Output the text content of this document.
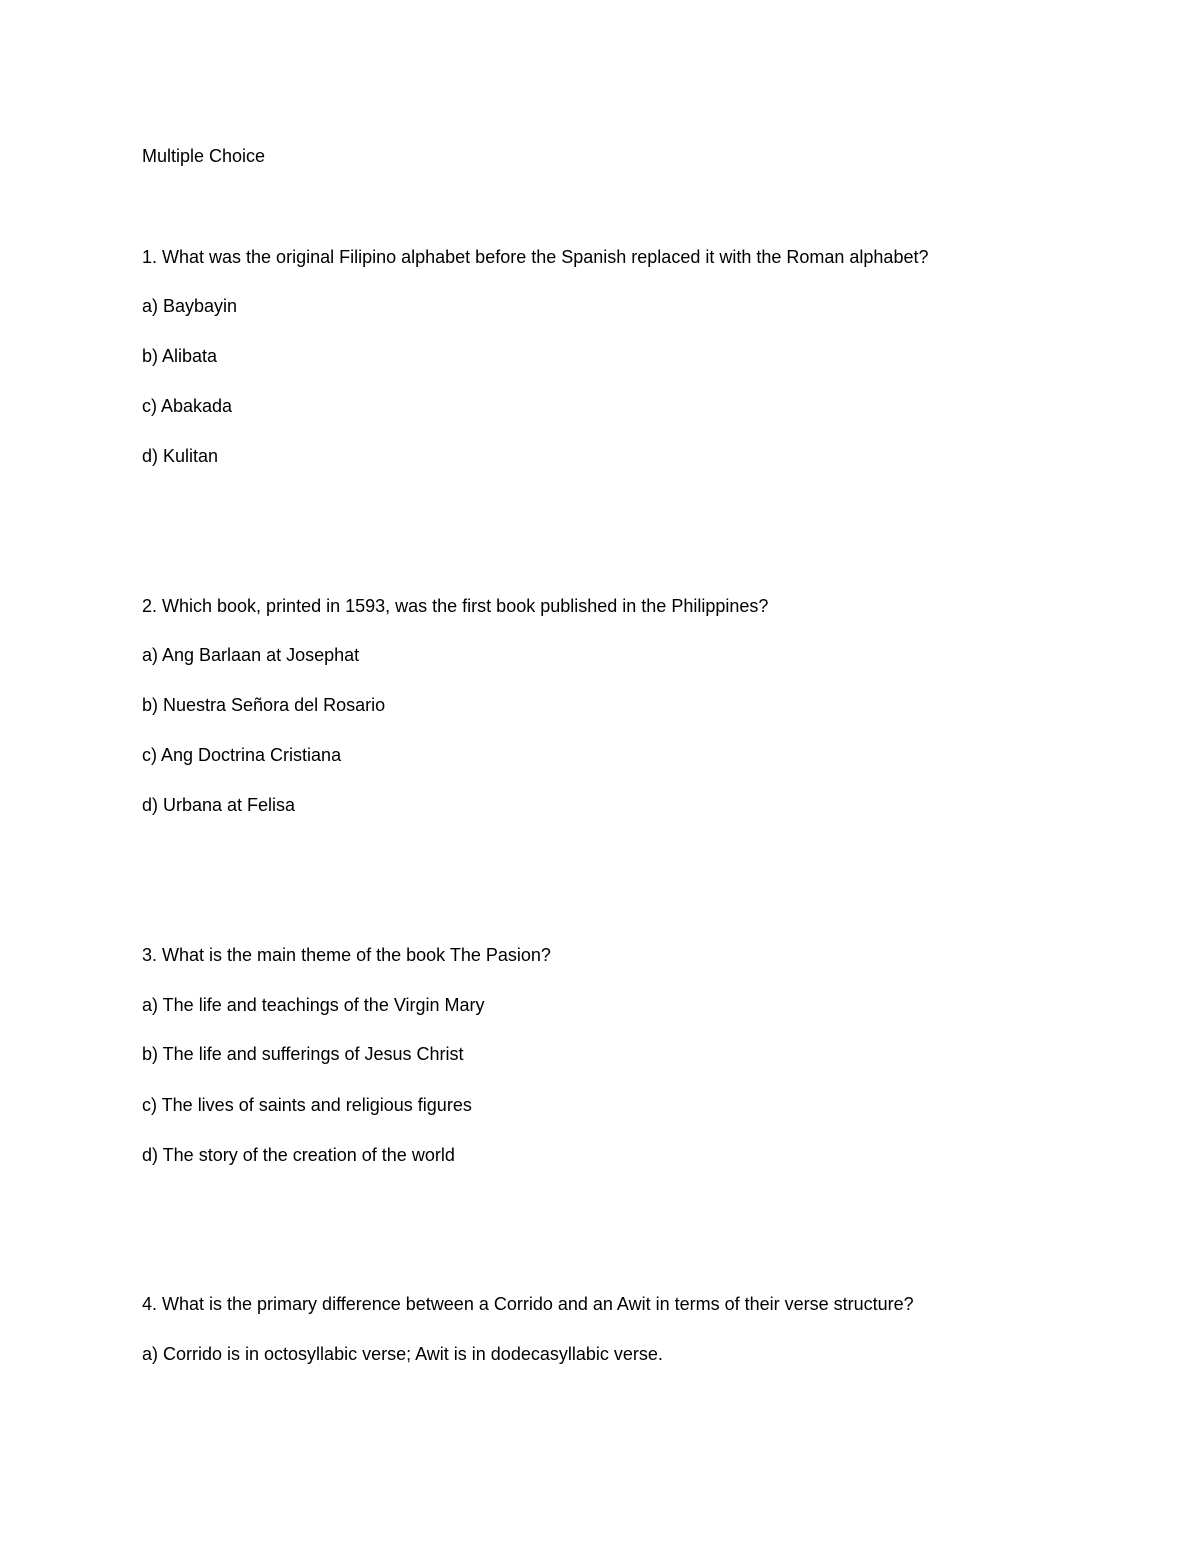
Multiple Choice
1. What was the original Filipino alphabet before the Spanish replaced it with the Roman alphabet?
a) Baybayin
b) Alibata
c) Abakada
d) Kulitan
2. Which book, printed in 1593, was the first book published in the Philippines?
a) Ang Barlaan at Josephat
b) Nuestra Señora del Rosario
c) Ang Doctrina Cristiana
d) Urbana at Felisa
3. What is the main theme of the book The Pasion?
a) The life and teachings of the Virgin Mary
b) The life and sufferings of Jesus Christ
c) The lives of saints and religious figures
d) The story of the creation of the world
4. What is the primary difference between a Corrido and an Awit in terms of their verse structure?
a) Corrido is in octosyllabic verse; Awit is in dodecasyllabic verse.
